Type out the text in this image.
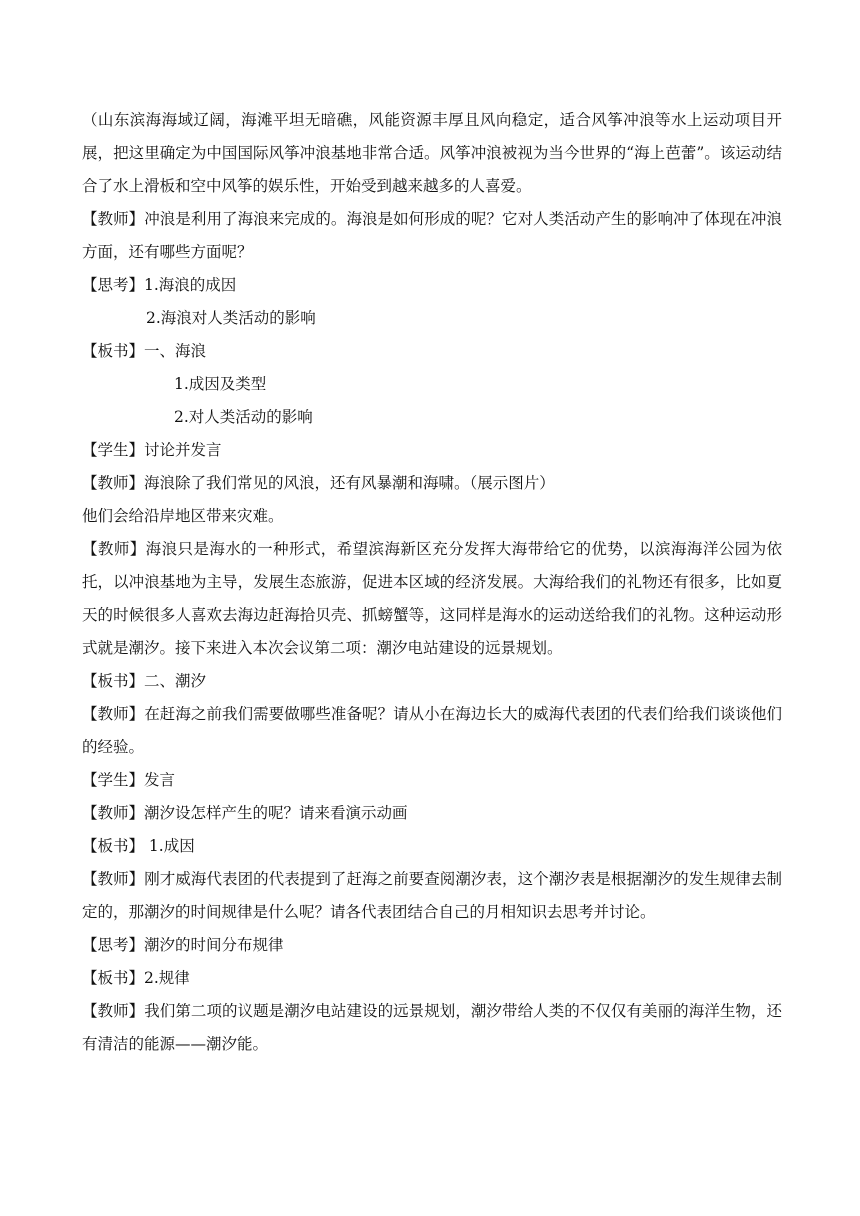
（山东滨海海域辽阔，海滩平坦无暗礁，风能资源丰厚且风向稳定，适合风筝冲浪等水上运动项目开展，把这里确定为中国国际风筝冲浪基地非常合适。风筝冲浪被视为当今世界的“海上芭蕾”。该运动结合了水上滑板和空中风筝的娱乐性，开始受到越来越多的人喜爱。

【教师】冲浪是利用了海浪来完成的。海浪是如何形成的呢？它对人类活动产生的影响冲了体现在冲浪方面，还有哪些方面呢？

【思考】1.海浪的成因

2.海浪对人类活动的影响

【板书】一、海浪

1.成因及类型

2.对人类活动的影响

【学生】讨论并发言

【教师】海浪除了我们常见的风浪，还有风暴潮和海啸。（展示图片）

他们会给沿岸地区带来灾难。

【教师】海浪只是海水的一种形式，希望滨海新区充分发挥大海带给它的优势，以滨海海洋公园为依托，以冲浪基地为主导，发展生态旅游，促进本区域的经济发展。大海给我们的礼物还有很多，比如夏天的时候很多人喜欢去海边赶海拾贝壳、抓螃蟹等，这同样是海水的运动送给我们的礼物。这种运动形式就是潮汐。接下来进入本次会议第二项：潮汐电站建设的远景规划。

【板书】二、潮汐

【教师】在赶海之前我们需要做哪些准备呢？请从小在海边长大的威海代表团的代表们给我们谈谈他们的经验。

【学生】发言

【教师】潮汐设怎样产生的呢？请来看演示动画

【板书】 1.成因

【教师】刚才威海代表团的代表提到了赶海之前要查阅潮汐表，这个潮汐表是根据潮汐的发生规律去制定的，那潮汐的时间规律是什么呢？请各代表团结合自己的月相知识去思考并讨论。

【思考】潮汐的时间分布规律

【板书】2.规律

【教师】我们第二项的议题是潮汐电站建设的远景规划，潮汐带给人类的不仅仅有美丽的海洋生物，还有清洁的能源——潮汐能。
